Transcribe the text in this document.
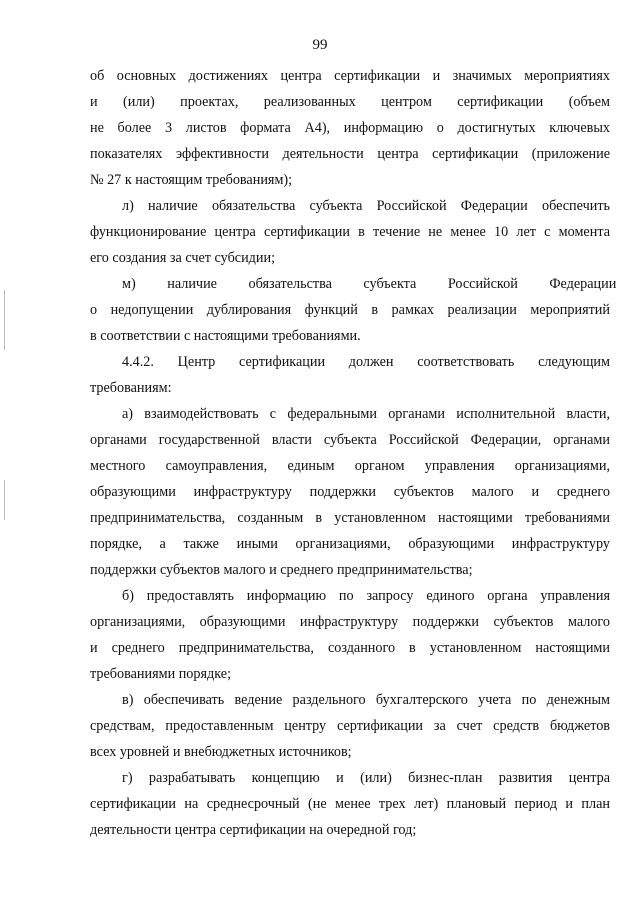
99

об основных достижениях центра сертификации и значимых мероприятиях
и (или) проектах, реализованных центром сертификации (объем
не более 3 листов формата А4), информацию о достигнутых ключевых
показателях эффективности деятельности центра сертификации (приложение
№ 27 к настоящим требованиям);

л) наличие обязательства субъекта Российской Федерации обеспечить
функционирование центра сертификации в течение не менее 10 лет с момента
его создания за счет субсидии;

м) наличие обязательства субъекта Российской Федерации
о недопущении дублирования функций в рамках реализации мероприятий
в соответствии с настоящими требованиями.

4.4.2. Центр сертификации должен соответствовать следующим
требованиям:

а) взаимодействовать с федеральными органами исполнительной власти,
органами государственной власти субъекта Российской Федерации, органами
местного самоуправления, единым органом управления организациями,
образующими инфраструктуру поддержки субъектов малого и среднего
предпринимательства, созданным в установленном настоящими требованиями
порядке, а также иными организациями, образующими инфраструктуру
поддержки субъектов малого и среднего предпринимательства;

б) предоставлять информацию по запросу единого органа управления
организациями, образующими инфраструктуру поддержки субъектов малого
и среднего предпринимательства, созданного в установленном настоящими
требованиями порядке;

в) обеспечивать ведение раздельного бухгалтерского учета по денежным
средствам, предоставленным центру сертификации за счет средств бюджетов
всех уровней и внебюджетных источников;

г) разрабатывать концепцию и (или) бизнес-план развития центра
сертификации на среднесрочный (не менее трех лет) плановый период и план
деятельности центра сертификации на очередной год;
